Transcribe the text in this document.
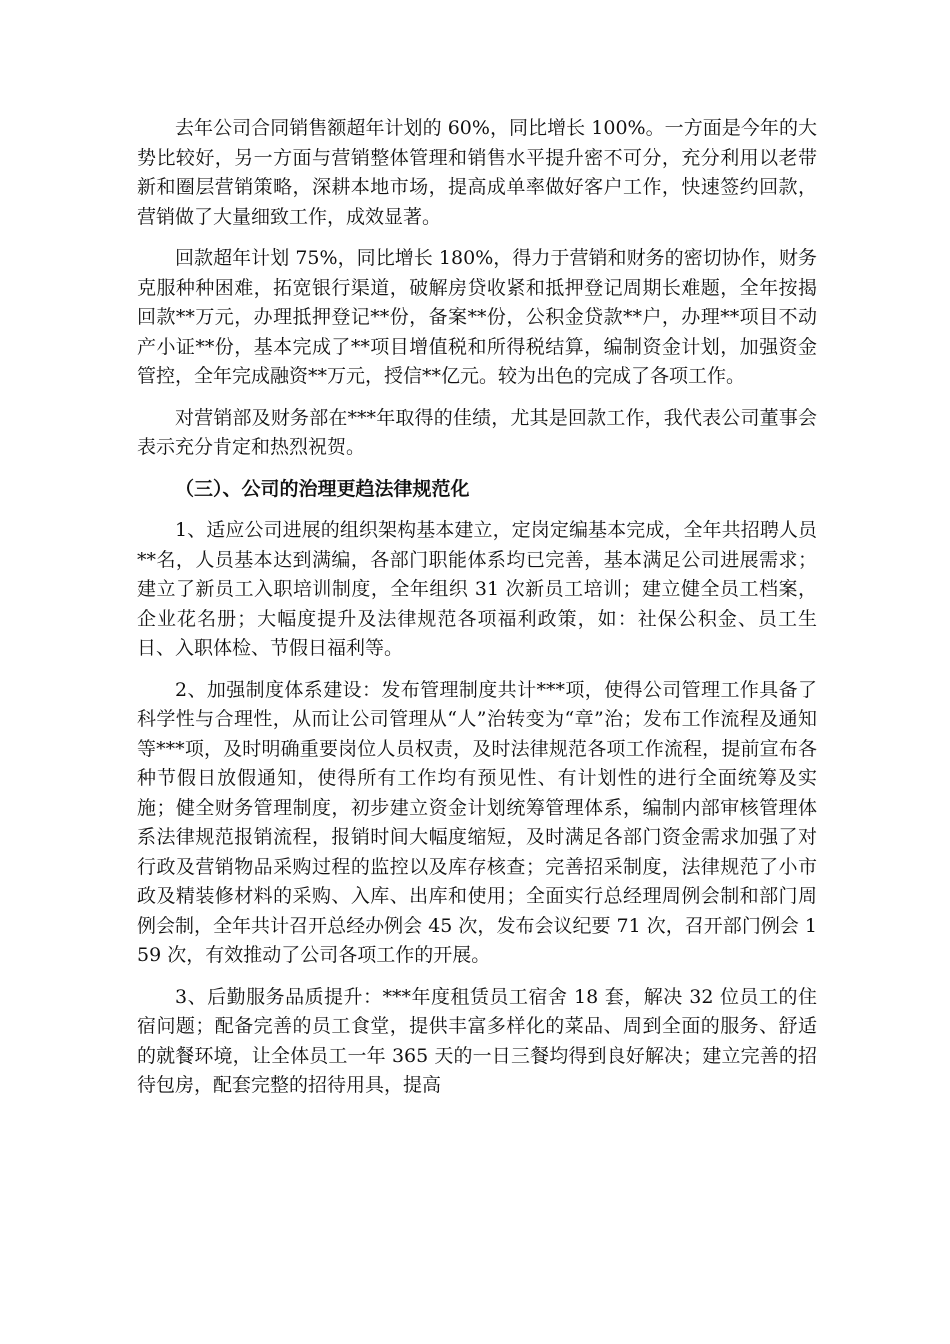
去年公司合同销售额超年计划的 60%，同比增长 100%。一方面是今年的大势比较好，另一方面与营销整体管理和销售水平提升密不可分，充分利用以老带新和圈层营销策略，深耕本地市场，提高成单率做好客户工作，快速签约回款，营销做了大量细致工作，成效显著。

回款超年计划 75%，同比增长 180%，得力于营销和财务的密切协作，财务克服种种困难，拓宽银行渠道，破解房贷收紧和抵押登记周期长难题，全年按揭回款**万元，办理抵押登记**份，备案**份，公积金贷款**户，办理**项目不动产小证**份，基本完成了**项目增值税和所得税结算，编制资金计划，加强资金管控，全年完成融资**万元，授信**亿元。较为出色的完成了各项工作。

对营销部及财务部在***年取得的佳绩，尤其是回款工作，我代表公司董事会表示充分肯定和热烈祝贺。

（三）、公司的治理更趋法律规范化

1、适应公司进展的组织架构基本建立，定岗定编基本完成，全年共招聘人员**名，人员基本达到满编，各部门职能体系均已完善，基本满足公司进展需求；建立了新员工入职培训制度，全年组织 31 次新员工培训；建立健全员工档案，企业花名册；大幅度提升及法律规范各项福利政策，如：社保公积金、员工生日、入职体检、节假日福利等。

2、加强制度体系建设：发布管理制度共计***项，使得公司管理工作具备了科学性与合理性，从而让公司管理从“人”治转变为“章”治；发布工作流程及通知等***项，及时明确重要岗位人员权责，及时法律规范各项工作流程，提前宣布各种节假日放假通知，使得所有工作均有预见性、有计划性的进行全面统筹及实施；健全财务管理制度，初步建立资金计划统筹管理体系，编制内部审核管理体系法律规范报销流程，报销时间大幅度缩短，及时满足各部门资金需求加强了对行政及营销物品采购过程的监控以及库存核查；完善招采制度，法律规范了小市政及精装修材料的采购、入库、出库和使用；全面实行总经理周例会制和部门周例会制，全年共计召开总经办例会 45 次，发布会议纪要 71 次，召开部门例会 159 次，有效推动了公司各项工作的开展。

3、后勤服务品质提升：***年度租赁员工宿舍 18 套，解决 32 位员工的住宿问题；配备完善的员工食堂，提供丰富多样化的菜品、周到全面的服务、舒适的就餐环境，让全体员工一年 365 天的一日三餐均得到良好解决；建立完善的招待包房，配套完整的招待用具，提高
